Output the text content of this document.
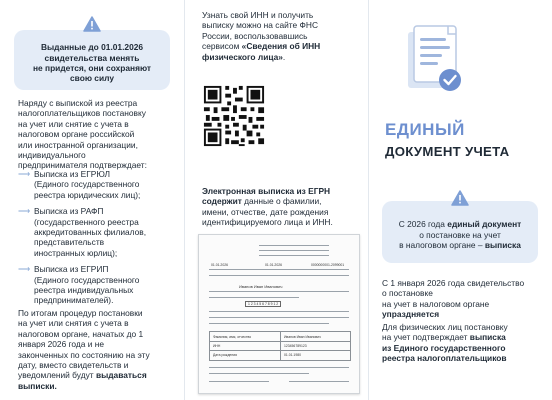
Выданные до 01.01.2026
свидетельства менять
не придется, они сохраняют
свою силу
Наряду с выпиской из реестра
налогоплательщиков постановку
на учет или снятие с учета в
налоговом органе российской
или иностранной организации,
индивидуального
предпринимателя подтверждает:
⟶ Выписка из ЕГРЮЛ
(Единого государственного
реестра юридических лиц);
⟶ Выписка из РАФП
(государственного реестра
аккредитованных филиалов,
представительств
иностранных юрлиц);
⟶ Выписка из ЕГРИП
(Единого государственного
реестра индивидуальных
предпринимателей).
По итогам процедур постановки
на учет или снятия с учета в
налоговом органе, начатых до 1
января 2026 года и не
законченных по состоянию на эту
дату, вместо свидетельств и
уведомлений будут выдаваться
выписки.
Узнать свой ИНН и получить
выписку можно на сайте ФНС
России, воспользовавшись
сервисом «Сведения об ИНН
физического лица».
Электронная выписка из ЕГРН
содержит данные о фамилии,
имени, отчестве, дате рождения
идентифицируемого лица и ИНН.
01.01.2026	01.01.2026	0000000001-2099001
Иванов Иван Иванович
1 2 3 4 5 6 7 8 9 1 2
Фамилия, имя, отчество	Иванов Иван Иванович
ИНН	123456789123
Дата рождения	01.01.1980
ЕДИНЫЙ
ДОКУМЕНТ УЧЕТА
С 2026 года единый документ
о постановке на учет
в налоговом органе – выписка
С 1 января 2026 года свидетельство
о постановке
на учет в налоговом органе
упраздняется
Для физических лиц постановку
на учет подтверждает выписка
из Единого государственного
реестра налогоплательщиков
